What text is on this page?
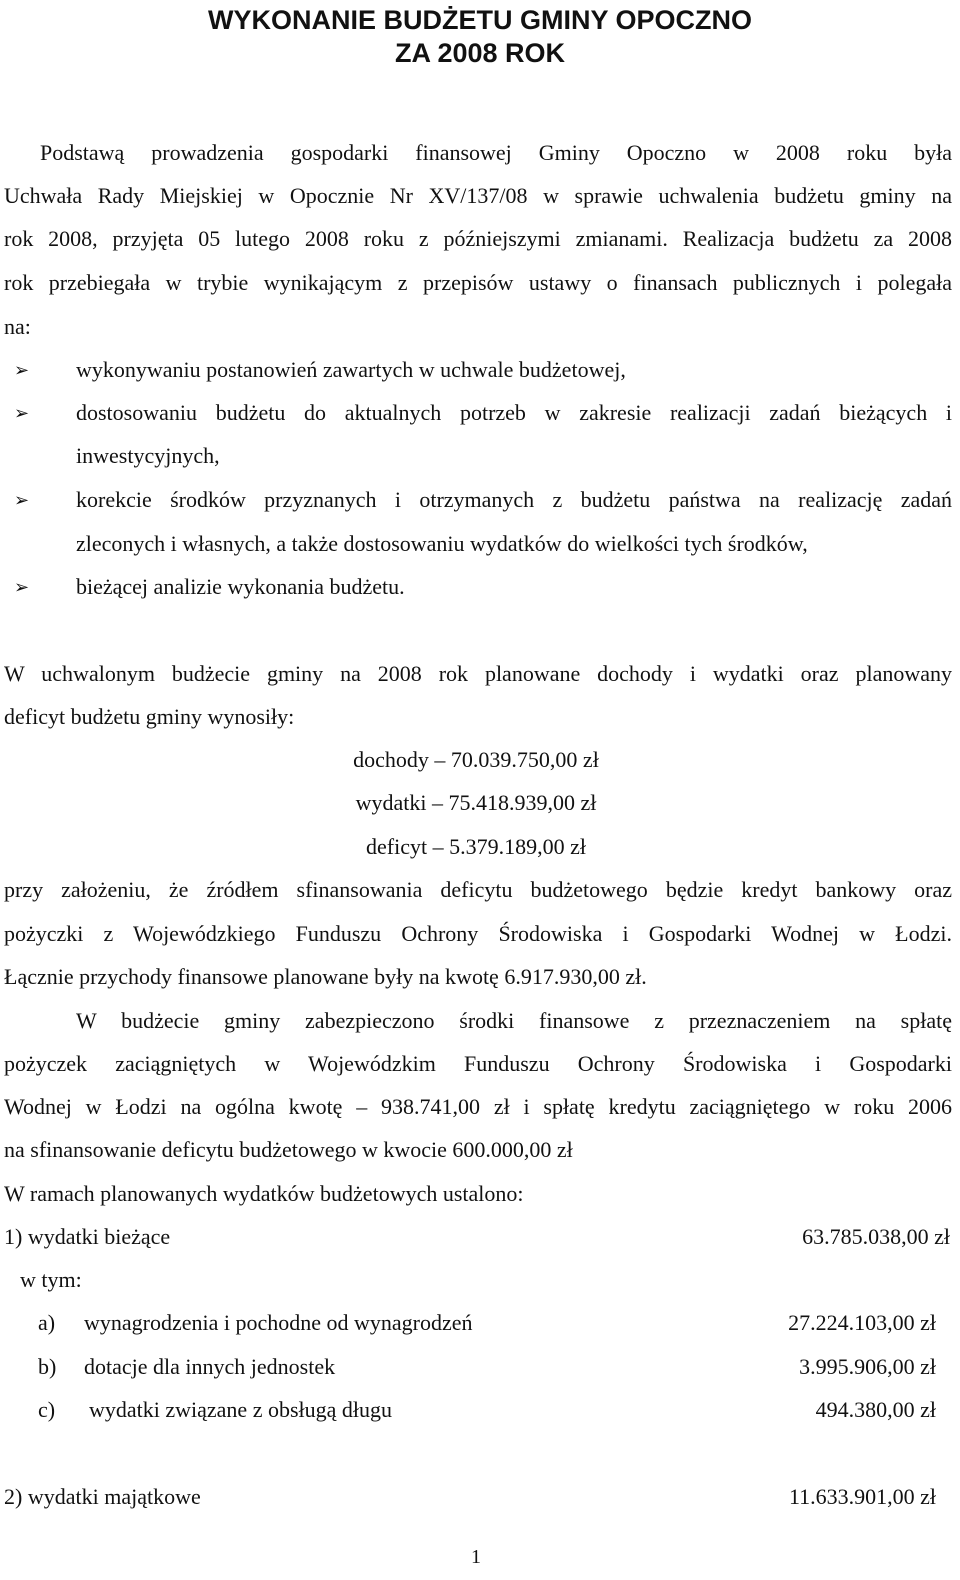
WYKONANIE BUDŻETU GMINY OPOCZNO
ZA 2008 ROK
Podstawą prowadzenia gospodarki finansowej Gminy Opoczno w 2008 roku była
Uchwała Rady Miejskiej w Opocznie Nr XV/137/08 w sprawie uchwalenia budżetu gminy na
rok 2008, przyjęta 05 lutego 2008 roku z późniejszymi zmianami. Realizacja budżetu za 2008
rok przebiegała w trybie wynikającym z przepisów ustawy o finansach publicznych i polegała
na:
➢ wykonywaniu postanowień zawartych w uchwale budżetowej,
➢ dostosowaniu budżetu do aktualnych potrzeb w zakresie realizacji zadań bieżących i
inwestycyjnych,
➢ korekcie środków przyznanych i otrzymanych z budżetu państwa na realizację zadań
zleconych i własnych, a także dostosowaniu wydatków do wielkości tych środków,
➢ bieżącej analizie wykonania budżetu.
W uchwalonym budżecie gminy na 2008 rok planowane dochody i wydatki oraz planowany
deficyt budżetu gminy wynosiły:
dochody – 70.039.750,00 zł
wydatki – 75.418.939,00 zł
deficyt – 5.379.189,00 zł
przy założeniu, że źródłem sfinansowania deficytu budżetowego będzie kredyt bankowy oraz
pożyczki z Wojewódzkiego Funduszu Ochrony Środowiska i Gospodarki Wodnej w Łodzi.
Łącznie przychody finansowe planowane były na kwotę 6.917.930,00 zł.
W budżecie gminy zabezpieczono środki finansowe z przeznaczeniem na spłatę
pożyczek zaciągniętych w Wojewódzkim Funduszu Ochrony Środowiska i Gospodarki
Wodnej w Łodzi na ogólna kwotę – 938.741,00 zł i spłatę kredytu zaciągniętego w roku 2006
na sfinansowanie deficytu budżetowego w kwocie 600.000,00 zł
W ramach planowanych wydatków budżetowych ustalono:
1) wydatki bieżące	63.785.038,00 zł
w tym:
a) wynagrodzenia i pochodne od wynagrodzeń	27.224.103,00 zł
b) dotacje dla innych jednostek	3.995.906,00 zł
c) wydatki związane z obsługą długu	494.380,00 zł
2) wydatki majątkowe	11.633.901,00 zł
1
